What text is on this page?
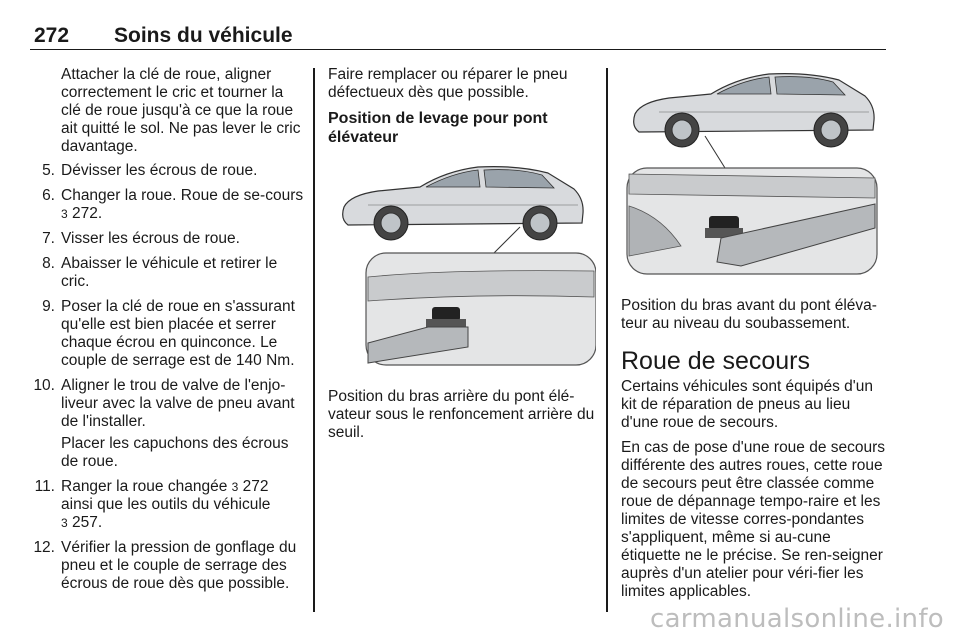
272 Soins du véhicule
Attacher la clé de roue, aligner correctement le cric et tourner la clé de roue jusqu'à ce que la roue ait quitté le sol. Ne pas lever le cric davantage.
5. Dévisser les écrous de roue.
6. Changer la roue. Roue de se-cours 3 272.
7. Visser les écrous de roue.
8. Abaisser le véhicule et retirer le cric.
9. Poser la clé de roue en s'assurant qu'elle est bien placée et serrer chaque écrou en quinconce. Le couple de serrage est de 140 Nm.
10. Aligner le trou de valve de l'enjo-liveur avec la valve de pneu avant de l'installer.
Placer les capuchons des écrous de roue.
11. Ranger la roue changée 3 272 ainsi que les outils du véhicule
3 257.
12. Vérifier la pression de gonflage du pneu et le couple de serrage des écrous de roue dès que possible.
Faire remplacer ou réparer le pneu défectueux dès que possible.
Position de levage pour pont élévateur
Position du bras arrière du pont élé-vateur sous le renfoncement arrière du seuil.
Position du bras avant du pont éléva-teur au niveau du soubassement.
Roue de secours
Certains véhicules sont équipés d'un kit de réparation de pneus au lieu d'une roue de secours.
En cas de pose d'une roue de secours différente des autres roues, cette roue de secours peut être classée comme roue de dépannage tempo-raire et les limites de vitesse corres-pondantes s'appliquent, même si au-cune étiquette ne le précise. Se ren-seigner auprès d'un atelier pour véri-fier les limites applicables.
carmanualsonline.info
